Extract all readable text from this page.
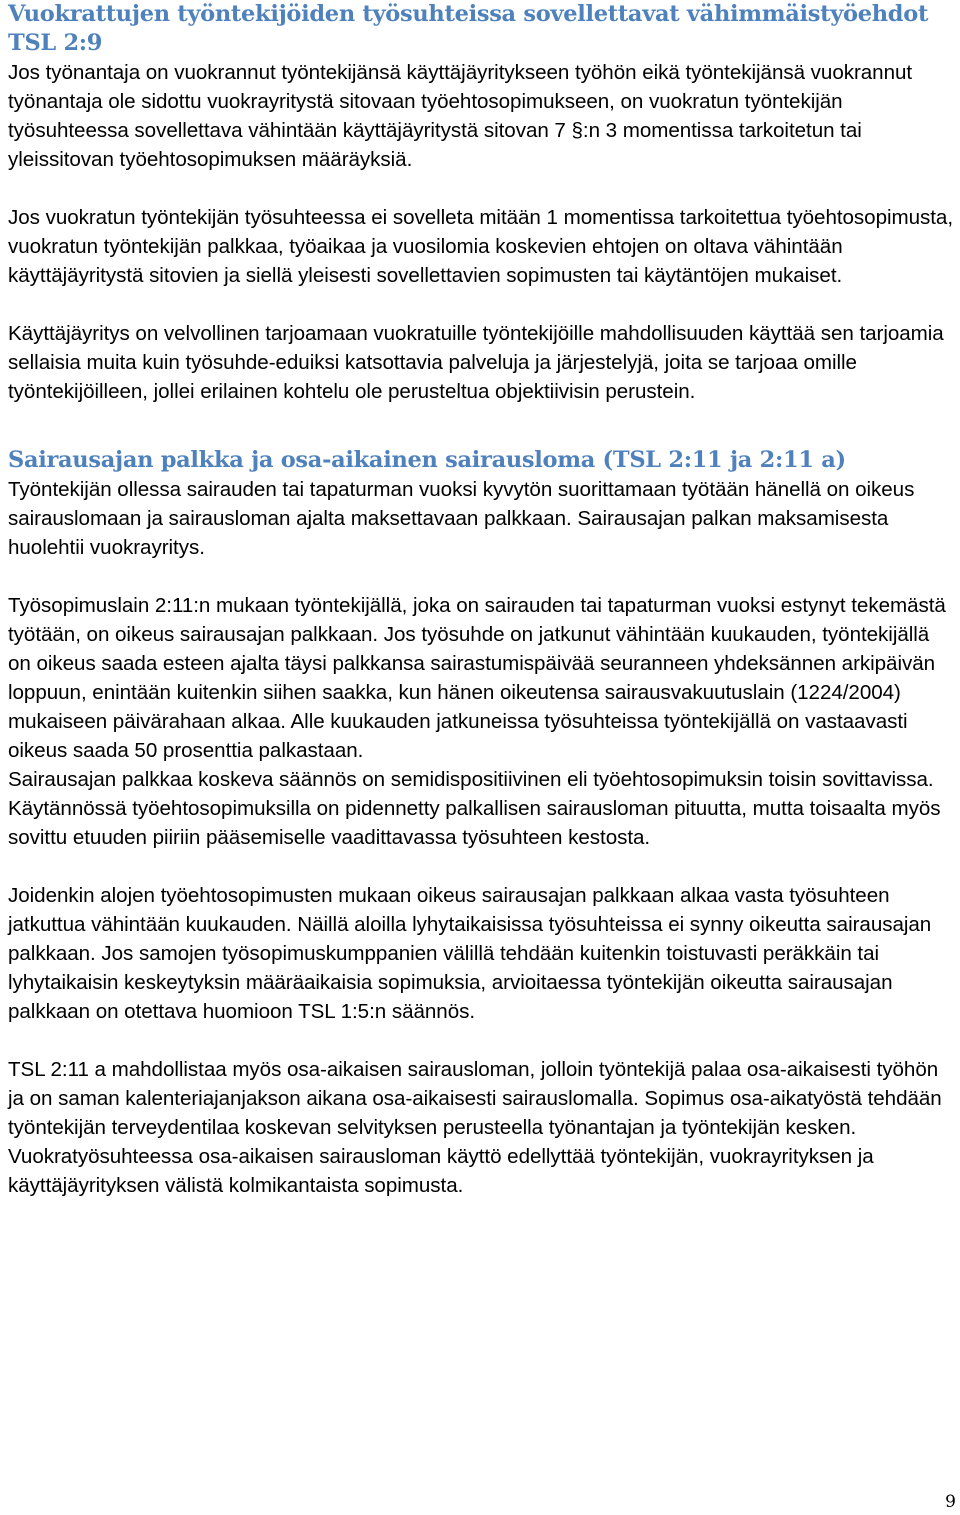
Vuokrattujen työntekijöiden työsuhteissa sovellettavat vähimmäistyöehdot TSL 2:9

Jos työnantaja on vuokrannut työntekijänsä käyttäjäyritykseen työhön eikä työntekijänsä vuokrannut työnantaja ole sidottu vuokrayritystä sitovaan työehtosopimukseen, on vuokratun työntekijän työsuhteessa sovellettava vähintään käyttäjäyritystä sitovan 7 §:n 3 momentissa tarkoitetun tai yleissitovan työehtosopimuksen määräyksiä.

Jos vuokratun työntekijän työsuhteessa ei sovelleta mitään 1 momentissa tarkoitettua työehtosopimusta, vuokratun työntekijän palkkaa, työaikaa ja vuosilomia koskevien ehtojen on oltava vähintään käyttäjäyritystä sitovien ja siellä yleisesti sovellettavien sopimusten tai käytäntöjen mukaiset.

Käyttäjäyritys on velvollinen tarjoamaan vuokratuille työntekijöille mahdollisuuden käyttää sen tarjoamia sellaisia muita kuin työsuhde-eduiksi katsottavia palveluja ja järjestelyjä, joita se tarjoaa omille työntekijöilleen, jollei erilainen kohtelu ole perusteltua objektiivisin perustein.

Sairausajan palkka ja osa-aikainen sairausloma (TSL 2:11 ja 2:11 a)

Työntekijän ollessa sairauden tai tapaturman vuoksi kyvytön suorittamaan työtään hänellä on oikeus sairauslomaan ja sairausloman ajalta maksettavaan palkkaan. Sairausajan palkan maksamisesta huolehtii vuokrayritys.

Työsopimuslain 2:11:n mukaan työntekijällä, joka on sairauden tai tapaturman vuoksi estynyt tekemästä työtään, on oikeus sairausajan palkkaan. Jos työsuhde on jatkunut vähintään kuukauden, työntekijällä on oikeus saada esteen ajalta täysi palkkansa sairastumispäivää seuranneen yhdeksännen arkipäivän loppuun, enintään kuitenkin siihen saakka, kun hänen oikeutensa sairausvakuutuslain (1224/2004) mukaiseen päivärahaan alkaa. Alle kuukauden jatkuneissa työsuhteissa työntekijällä on vastaavasti oikeus saada 50 prosenttia palkastaan.

Sairausajan palkkaa koskeva säännös on semidispositiivinen eli työehtosopimuksin toisin sovittavissa. Käytännössä työehtosopimuksilla on pidennetty palkallisen sairausloman pituutta, mutta toisaalta myös sovittu etuuden piiriin pääsemiselle vaadittavassa työsuhteen kestosta.

Joidenkin alojen työehtosopimusten mukaan oikeus sairausajan palkkaan alkaa vasta työsuhteen jatkuttua vähintään kuukauden. Näillä aloilla lyhytaikaisissa työsuhteissa ei synny oikeutta sairausajan palkkaan. Jos samojen työsopimuskumppanien välillä tehdään kuitenkin toistuvasti peräkkäin tai lyhytaikaisin keskeytyksin määräaikaisia sopimuksia, arvioitaessa työntekijän oikeutta sairausajan palkkaan on otettava huomioon TSL 1:5:n säännös.

TSL 2:11 a mahdollistaa myös osa-aikaisen sairausloman, jolloin työntekijä palaa osa-aikaisesti työhön ja on saman kalenteriajanjakson aikana osa-aikaisesti sairauslomalla. Sopimus osa-aikatyöstä tehdään työntekijän terveydentilaa koskevan selvityksen perusteella työnantajan ja työntekijän kesken. Vuokratyösuhteessa osa-aikaisen sairausloman käyttö edellyttää työntekijän, vuokrayrityksen ja käyttäjäyrityksen välistä kolmikantaista sopimusta.

9
